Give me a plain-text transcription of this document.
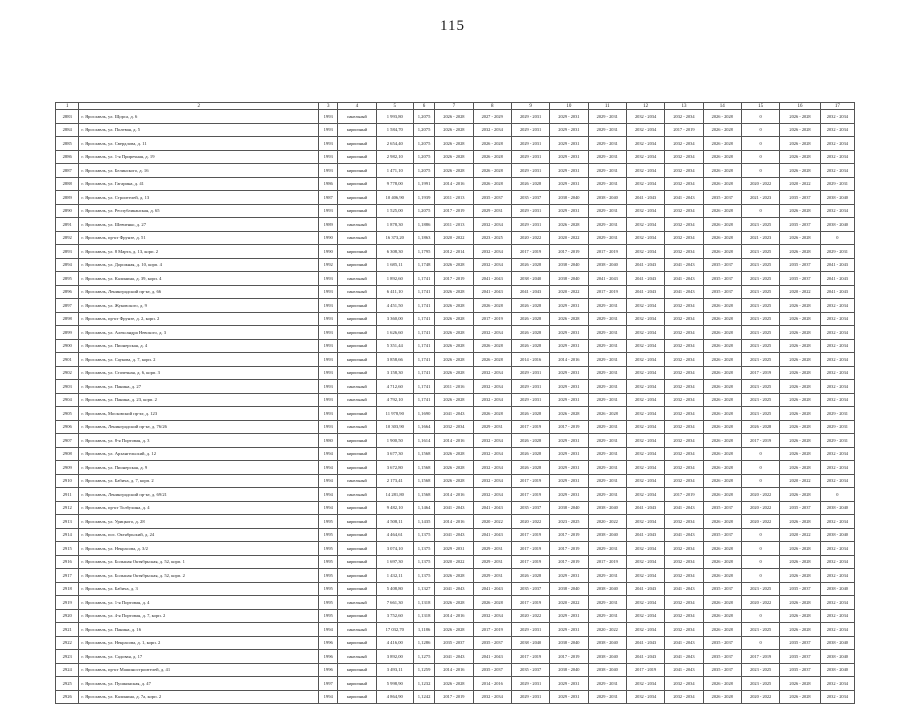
115
1	2	3	4	5	6	7	8	9	10	11	12	13	14	15	16	17
2883	г. Ярославль, ул. Щорса, д. 6	1993	панельный	1 993,80	1,2075	2026 - 2028	2027 - 2029	2029 - 2031	2029 - 2031	2029 - 2031	2032 - 2034	2032 - 2034	2026 - 2028	0	2026 - 2028	2032 - 2034
2884	г. Ярославль, ул. Полевая, д. 5	1993	кирпичный	1 584,70	1,2075	2026 - 2028	2032 - 2034	2029 - 2031	2029 - 2031	2029 - 2031	2032 - 2034	2017 - 2019	2026 - 2028	0	2026 - 2028	2032 - 2034
2885	г. Ярославль, ул. Свердлова, д. 11	1993	кирпичный	2 654,40	1,2075	2026 - 2028	2026 - 2028	2029 - 2031	2029 - 2031	2029 - 2031	2032 - 2034	2032 - 2034	2026 - 2028	0	2026 - 2028	2032 - 2034
2886	г. Ярославль, ул. 1-я Приречная, д. 19	1993	кирпичный	2 982,10	1,2075	2026 - 2028	2026 - 2028	2029 - 2031	2029 - 2031	2029 - 2031	2032 - 2034	2032 - 2034	2026 - 2028	0	2026 - 2028	2032 - 2034
2887	г. Ярославль, ул. Белинского, д. 16	1993	кирпичный	1 471,10	1,2075	2026 - 2028	2026 - 2028	2029 - 2031	2029 - 2031	2029 - 2031	2032 - 2034	2032 - 2034	2026 - 2028	0	2026 - 2028	2032 - 2034
2888	г. Ярославль, ул. Гагарина, д. 41	1986	кирпичный	9 778,00	1,1991	2014 - 2016	2026 - 2028	2026 - 2028	2029 - 2031	2029 - 2031	2032 - 2034	2032 - 2034	2026 - 2028	2020 - 2022	2020 - 2022	2029 - 2031
2889	г. Ярославль, ул. Строителей, д. 13	1987	кирпичный	10 406,90	1,1939	2011 - 2013	2035 - 2037	2035 - 2037	2038 - 2040	2038 - 2040	2041 - 2043	2041 - 2043	2035 - 2037	2021 - 2023	2035 - 2037	2038 - 2040
2890	г. Ярославль, ул. Республиканская, д. 65	1993	кирпичный	1 525,00	1,2075	2017 - 2019	2029 - 2031	2029 - 2031	2029 - 2031	2029 - 2031	2032 - 2034	2032 - 2034	2026 - 2028	0	2026 - 2028	2032 - 2034
2891	г. Ярославль, ул. Шевченко, д. 27	1989	панельный	1 878,30	1,1886	2011 - 2013	2032 - 2034	2029 - 2031	2026 - 2028	2029 - 2031	2032 - 2034	2032 - 2034	2026 - 2028	2023 - 2025	2035 - 2037	2038 - 2040
2892	г. Ярославль, пр-кт Фрунзе, д. 51	1990	панельный	16 373,20	1,1863	2020 - 2022	2023 - 2025	2020 - 2022	2020 - 2022	2029 - 2031	2032 - 2034	2032 - 2034	2026 - 2028	2021 - 2023	2026 - 2028	0
2893	г. Ярославль, ул. 8 Марта, д. 13, корп. 2	1990	кирпичный	6 308,30	1,1795	2012 - 2014	2032 - 2034	2017 - 2019	2017 - 2019	2017 - 2019	2032 - 2034	2032 - 2034	2026 - 2028	2023 - 2025	2026 - 2028	2029 - 2031
2894	г. Ярославль, ул. Дорожная, д. 10, корп. 4	1992	кирпичный	1 685,11	1,1748	2026 - 2028	2032 - 2034	2026 - 2028	2038 - 2040	2038 - 2040	2041 - 2043	2041 - 2043	2035 - 2037	2023 - 2025	2035 - 2037	2041 - 2043
2895	г. Ярославль, ул. Калинина, д. 39, корп. 4	1993	панельный	1 892,60	1,1741	2017 - 2019	2041 - 2043	2038 - 2040	2038 - 2040	2041 - 2043	2041 - 2043	2041 - 2043	2035 - 2037	2023 - 2025	2035 - 2037	2041 - 2043
2896	г. Ярославль, Ленинградский пр-кт, д. 66	1993	панельный	6 411,10	1,1741	2026 - 2028	2041 - 2043	2041 - 2043	2020 - 2022	2017 - 2019	2041 - 2043	2041 - 2043	2035 - 2037	2023 - 2025	2020 - 2022	2041 - 2043
2897	г. Ярославль, ул. Жуковского, д. 9	1993	кирпичный	4 451,50	1,1741	2026 - 2028	2026 - 2028	2026 - 2028	2029 - 2031	2029 - 2031	2032 - 2034	2032 - 2034	2026 - 2028	2023 - 2025	2026 - 2028	2032 - 2034
2898	г. Ярославль, пр-кт Фрунзе, д. 2, корп. 2	1993	кирпичный	3 360,00	1,1741	2026 - 2028	2017 - 2019	2026 - 2028	2026 - 2028	2029 - 2031	2032 - 2034	2032 - 2034	2026 - 2028	2023 - 2025	2026 - 2028	2032 - 2034
2899	г. Ярославль, ул. Александра Невского, д. 3	1993	кирпичный	1 626,60	1,1741	2026 - 2028	2032 - 2034	2026 - 2028	2029 - 2031	2029 - 2031	2032 - 2034	2032 - 2034	2026 - 2028	2023 - 2025	2026 - 2028	2032 - 2034
2900	г. Ярославль, ул. Пионерская, д. 4	1993	кирпичный	5 351,44	1,1741	2026 - 2028	2026 - 2028	2026 - 2028	2029 - 2031	2029 - 2031	2032 - 2034	2032 - 2034	2026 - 2028	2023 - 2025	2026 - 2028	2032 - 2034
2901	г. Ярославль, ул. Саукова, д. 7, корп. 2	1993	кирпичный	3 858,66	1,1741	2026 - 2028	2026 - 2028	2014 - 2016	2014 - 2016	2029 - 2031	2032 - 2034	2032 - 2034	2026 - 2028	2023 - 2025	2026 - 2028	2032 - 2034
2902	г. Ярославль, ул. Стачечная, д. 6, корп. 3	1993	кирпичный	3 158,30	1,1741	2026 - 2028	2032 - 2034	2029 - 2031	2029 - 2031	2029 - 2031	2032 - 2034	2032 - 2034	2026 - 2028	2017 - 2019	2026 - 2028	2032 - 2034
2903	г. Ярославль, ул. Панина, д. 27	1993	панельный	4 712,60	1,1741	2011 - 2016	2032 - 2034	2029 - 2031	2029 - 2031	2029 - 2031	2032 - 2034	2032 - 2034	2026 - 2028	2023 - 2025	2026 - 2028	2032 - 2034
2904	г. Ярославль, ул. Панина, д. 23, корп. 2	1993	панельный	4 792,10	1,1741	2026 - 2028	2032 - 2034	2029 - 2031	2029 - 2031	2029 - 2031	2032 - 2034	2032 - 2034	2026 - 2028	2023 - 2025	2026 - 2028	2032 - 2034
2905	г. Ярославль, Московский пр-кт, д. 123	1993	кирпичный	11 978,90	1,1690	2041 - 2043	2026 - 2028	2026 - 2028	2026 - 2028	2026 - 2028	2032 - 2034	2032 - 2034	2026 - 2028	2023 - 2025	2026 - 2028	2029 - 2031
2906	г. Ярославль, Ленинградский пр-кт, д. 76/26	1993	панельный	10 303,90	1,1664	2032 - 2034	2029 - 2031	2017 - 2019	2017 - 2019	2029 - 2031	2032 - 2034	2032 - 2034	2026 - 2028	2026 - 2028	2026 - 2028	2029 - 2031
2907	г. Ярославль, ул. 8-я Портовая, д. 3	1980	кирпичный	1 900,50	1,1614	2014 - 2016	2032 - 2034	2026 - 2028	2029 - 2031	2029 - 2031	2032 - 2034	2032 - 2034	2026 - 2028	2017 - 2019	2026 - 2028	2029 - 2031
2908	г. Ярославль, ул. Архангельский, д. 12	1994	кирпичный	3 677,30	1,1568	2026 - 2028	2032 - 2034	2026 - 2028	2029 - 2031	2029 - 2031	2032 - 2034	2032 - 2034	2026 - 2028	0	2026 - 2028	2032 - 2034
2909	г. Ярославль, ул. Пионерская, д. 9	1994	кирпичный	3 672,80	1,1568	2026 - 2028	2032 - 2034	2026 - 2028	2029 - 2031	2029 - 2031	2032 - 2034	2032 - 2034	2026 - 2028	0	2026 - 2028	2032 - 2034
2910	г. Ярославль, ул. Бабича, д. 7, корп. 2	1994	панельный	2 173,41	1,1568	2026 - 2028	2032 - 2034	2017 - 2019	2029 - 2031	2029 - 2031	2032 - 2034	2032 - 2034	2026 - 2028	0	2020 - 2022	2032 - 2034
2911	г. Ярославль, Ленинградский пр-кт, д. 69/21	1994	панельный	14 281,80	1,1568	2014 - 2016	2032 - 2034	2017 - 2019	2029 - 2031	2029 - 2031	2032 - 2034	2017 - 2019	2026 - 2028	2020 - 2022	2026 - 2028	0
2912	г. Ярославль, пр-кт Толбухина, д. 4	1994	кирпичный	9 482,10	1,1464	2041 - 2043	2041 - 2043	2035 - 2037	2038 - 2040	2038 - 2040	2041 - 2043	2041 - 2043	2035 - 2037	2020 - 2022	2035 - 2037	2038 - 2040
2913	г. Ярославль, ул. Урицкого, д. 28	1995	кирпичный	4 508,11	1,1435	2014 - 2016	2020 - 2022	2020 - 2022	2023 - 2025	2020 - 2022	2032 - 2034	2032 - 2034	2026 - 2028	2020 - 2022	2026 - 2028	2032 - 2034
2914	г. Ярославль, пос. Октябрьский, д. 24	1995	кирпичный	4 464,61	1,1375	2041 - 2043	2041 - 2043	2017 - 2019	2017 - 2019	2038 - 2040	2041 - 2043	2041 - 2043	2035 - 2037	0	2020 - 2022	2038 - 2040
2915	г. Ярославль, ул. Некрасова, д. 3/2	1995	кирпичный	3 074,10	1,1375	2029 - 2031	2029 - 2031	2017 - 2019	2017 - 2019	2029 - 2031	2032 - 2034	2032 - 2034	2026 - 2028	0	2026 - 2028	2032 - 2034
2916	г. Ярославль, ул. Большая Октябрьская, д. 52, корп. 1	1995	кирпичный	1 697,30	1,1375	2020 - 2022	2029 - 2031	2017 - 2019	2017 - 2019	2017 - 2019	2032 - 2034	2032 - 2034	2026 - 2028	0	2026 - 2028	2032 - 2034
2917	г. Ярославль, ул. Большая Октябрьская, д. 52, корп. 2	1995	кирпичный	1 432,11	1,1375	2026 - 2028	2029 - 2031	2026 - 2028	2029 - 2031	2029 - 2031	2032 - 2034	2032 - 2034	2026 - 2028	0	2026 - 2028	2032 - 2034
2918	г. Ярославль, ул. Бабича, д. 3	1995	кирпичный	5 408,80	1,1327	2041 - 2043	2041 - 2043	2035 - 2037	2038 - 2040	2038 - 2040	2041 - 2043	2041 - 2043	2035 - 2037	2023 - 2025	2035 - 2037	2038 - 2040
2919	г. Ярославль, ул. 1-я Портовая, д. 4	1995	панельный	7 661,30	1,1318	2026 - 2028	2026 - 2028	2017 - 2019	2020 - 2022	2029 - 2031	2032 - 2034	2032 - 2034	2026 - 2028	2020 - 2022	2026 - 2028	2032 - 2034
2920	г. Ярославль, ул. 4-я Портовая, д. 7, корп. 2	1995	кирпичный	3 752,60	1,1318	2014 - 2016	2032 - 2034	2020 - 2022	2029 - 2031	2029 - 2031	2032 - 2034	2032 - 2034	2026 - 2028	0	2026 - 2028	2032 - 2034
2921	г. Ярославль, ул. Панина, д. 16	1994	панельный	17 032,70	1,1186	2026 - 2028	2017 - 2019	2029 - 2031	2029 - 2031	2020 - 2022	2032 - 2034	2032 - 2034	2026 - 2028	2023 - 2025	2026 - 2028	2032 - 2034
2922	г. Ярославль, ул. Некрасова, д. 1, корп. 2	1996	кирпичный	4 416,00	1,1286	2035 - 2037	2035 - 2037	2038 - 2040	2038 - 2040	2038 - 2040	2041 - 2043	2041 - 2043	2035 - 2037	0	2035 - 2037	2038 - 2040
2923	г. Ярославль, ул. Садовая, д. 17	1996	панельный	3 892,00	1,1275	2041 - 2043	2041 - 2043	2017 - 2019	2017 - 2019	2038 - 2040	2041 - 2043	2041 - 2043	2035 - 2037	2017 - 2019	2035 - 2037	2038 - 2040
2924	г. Ярославль, пр-кт Машиностроителей, д. 41	1996	кирпичный	3 493,11	1,1259	2014 - 2016	2035 - 2037	2035 - 2037	2038 - 2040	2038 - 2040	2017 - 2019	2041 - 2043	2035 - 2037	2023 - 2025	2035 - 2037	2038 - 2040
2925	г. Ярославль, ул. Пушкинская, д. 47	1997	кирпичный	5 998,90	1,1232	2026 - 2028	2014 - 2016	2029 - 2031	2029 - 2031	2029 - 2031	2032 - 2034	2032 - 2034	2026 - 2028	2023 - 2025	2026 - 2028	2032 - 2034
2926	г. Ярославль, ул. Калинина, д. 7а, корп. 2	1994	кирпичный	4 864,90	1,1242	2017 - 2019	2032 - 2034	2029 - 2031	2029 - 2031	2029 - 2031	2032 - 2034	2032 - 2034	2026 - 2028	2020 - 2022	2026 - 2028	2032 - 2034
